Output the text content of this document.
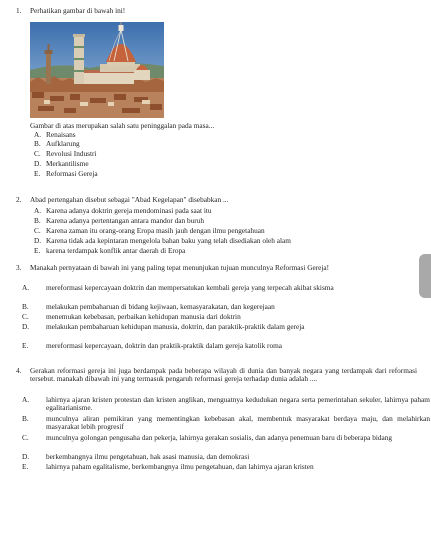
1. Perhatikan gambar di bawah ini!
Gambar di atas merupakan salah satu peninggalan pada masa...
A. Renaisans
B. Aufklarung
C. Revolusi Industri
D. Merkantilisme
E. Reformasi Gereja
2. Abad pertengahan disebut sebagai "Abad Kegelapan" disebabkan ...
A. Karena adanya doktrin gereja mendominasi pada saat itu
B. Karena adanya pertentangan antara mandor dan buruh
C. Karena zaman itu orang-orang Eropa masih jauh dengan ilmu pengetahuan
D. Karena tidak ada kepintaran mengelola bahan baku yang telah disediakan oleh alam
E. karena terdampak konflik antar daerah di Eropa
3. Manakah pernyataan di bawah ini yang paling tepat menunjukan tujuan munculnya Reformasi Gereja!
A. mereformasi kepercayaan doktrin dan mempersatukan kembali gereja yang terpecah akibat skisma
B. melakukan pembaharuan di bidang kejiwaan, kemasyarakatan, dan kegerejaan
C. menemukan kebebasan, perbaikan kehidupan manusia dari doktrin
D. melakukan pembaharuan kehidupan manusia, doktrin, dan paraktik-praktik dalam gereja
E. mereformasi kepercayaan, doktrin dan praktik-praktik dalam gereja katolik roma
4. Gerakan reformasi gereja ini juga berdampak pada beberapa wilayah di dunia dan banyak negara yang terdampak dari reformasi tersebut. manakah dibawah ini yang termasuk pengaruh reformasi gereja terhadap dunia adalah ....
A. lahirnya ajaran kristen protestan dan kristen anglikan, menguatnya kedudukan negara serta pemerintahan sekuler, lahirnya paham egalitarianisme.
B. munculnya aliran pemikiran yang mementingkan kebebasan akal, membentuk masyarakat berdaya maju, dan melahirkan masyarakat lebih progresif
C. munculnya golongan pengusaha dan pekerja, lahirnya gerakan sosialis, dan adanya penemuan baru di beberapa bidang
D. berkembangnya ilmu pengetahuan, hak asasi manusia, dan demokrasi
E. lahirnya paham egalitalisme, berkembangnya ilmu pengetahuan, dan lahirnya ajaran kristen
